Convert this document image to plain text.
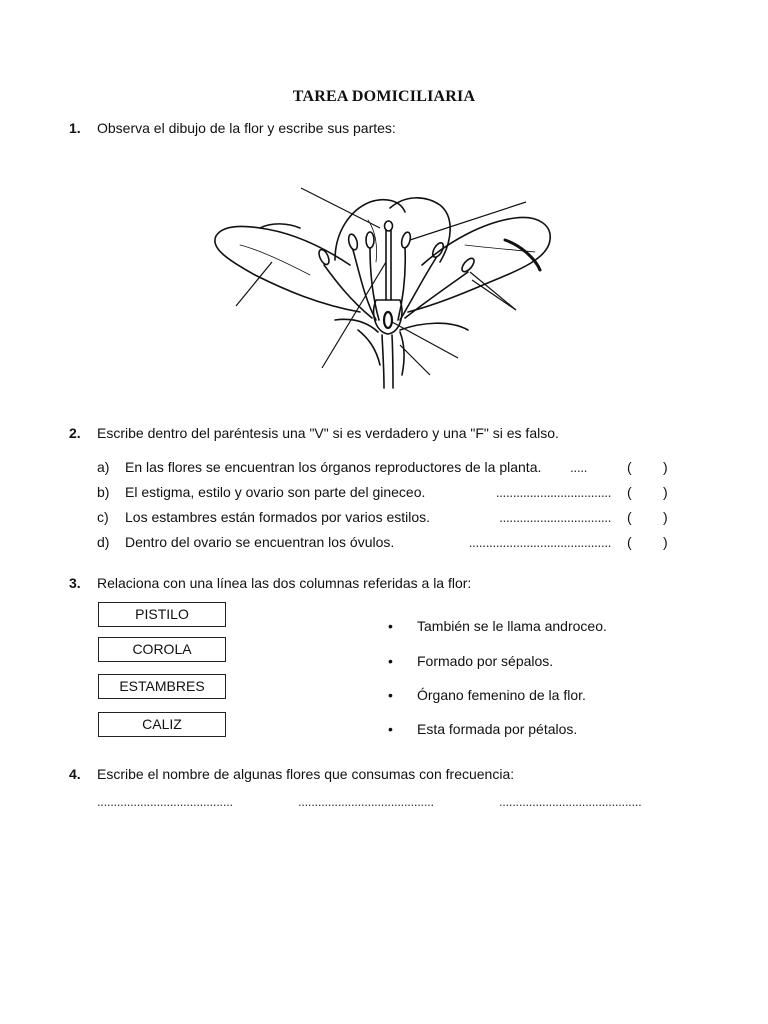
TAREA DOMICILIARIA
1. Observa el dibujo de la flor y escribe sus partes:
2. Escribe dentro del paréntesis una "V" si es verdadero y una "F" si es falso.
a) En las flores se encuentran los órganos reproductores de la planta. .....	( )
b) El estigma, estilo y ovario son parte del gineceo.	.................................. ( )
c) Los estambres están formados por varios estilos.	................................. ( )
d) Dentro del ovario se encuentran los óvulos.	.......................................... ( )
3. Relaciona con una línea las dos columnas referidas a la flor:
PISTILO
COROLA
ESTAMBRES
CALIZ
• También se le llama androceo.
• Formado por sépalos.
• Órgano femenino de la flor.
• Esta formada por pétalos.
4. Escribe el nombre de algunas flores que consumas con frecuencia:
.........................................	.........................................	...........................................
